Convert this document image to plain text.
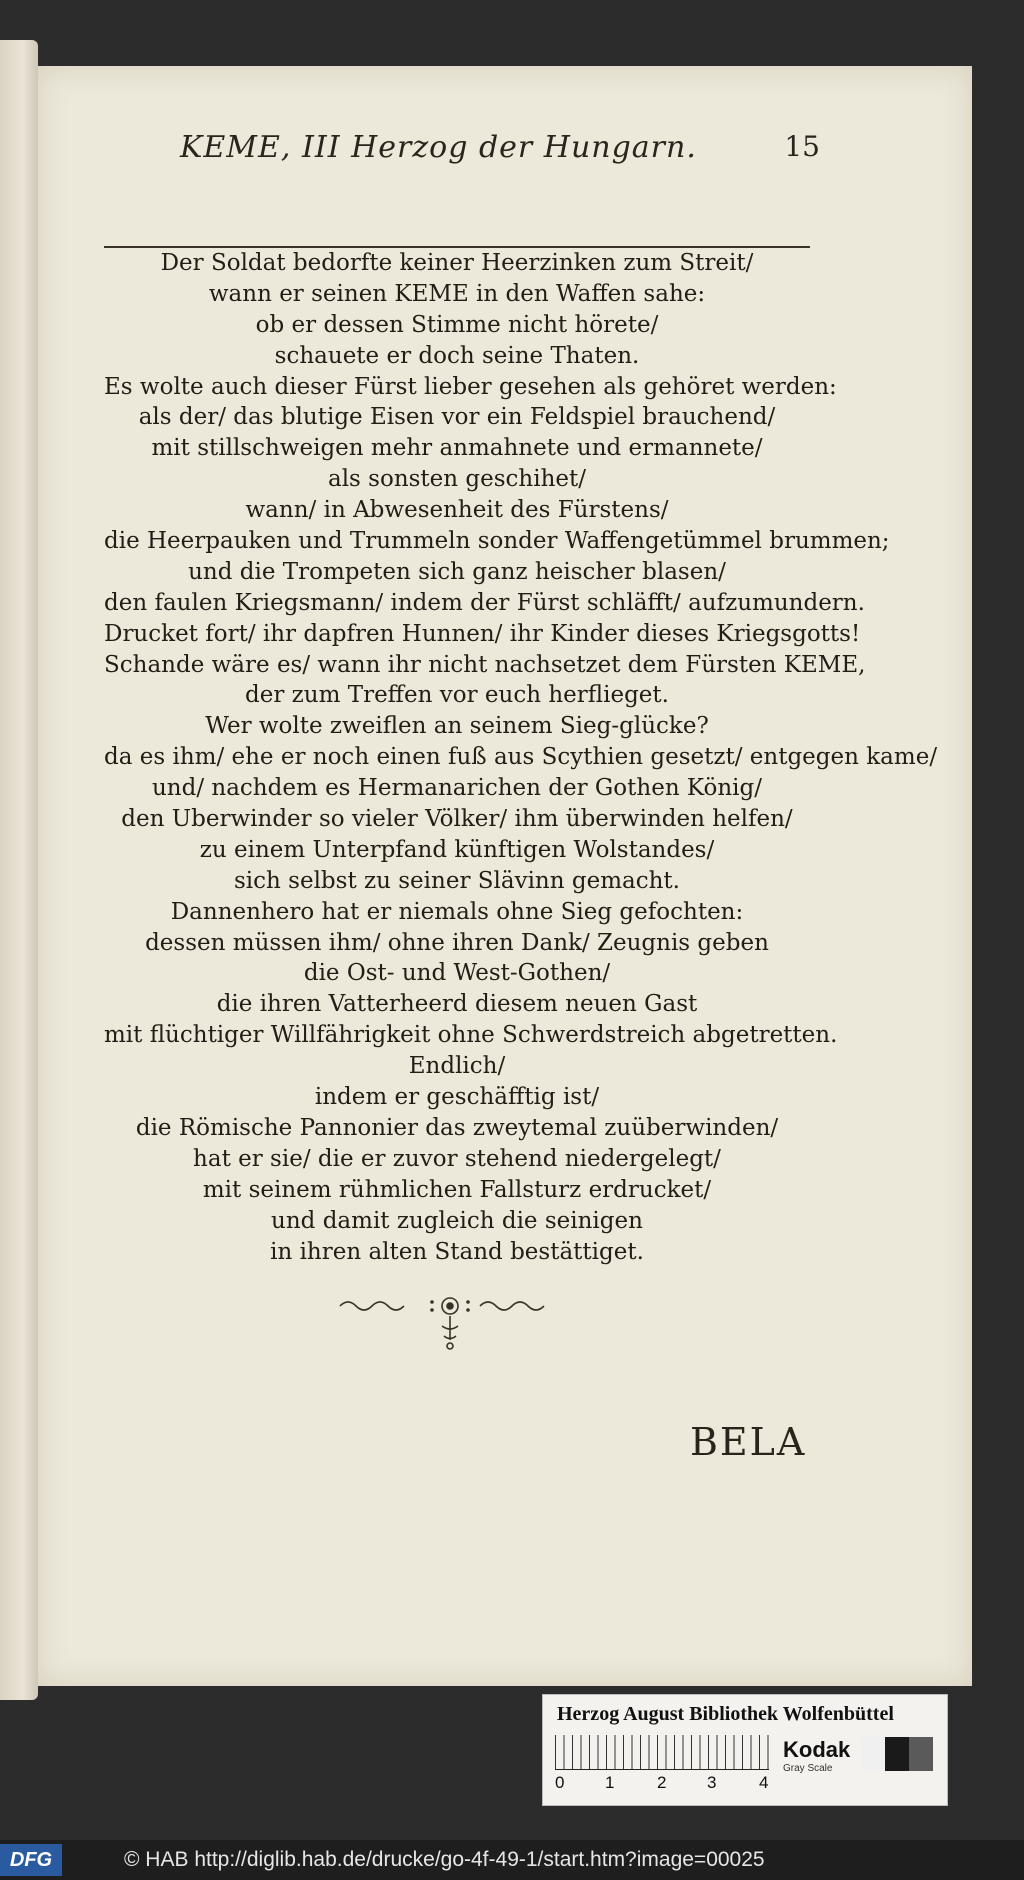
KEME, III Herzog der Hungarn.	15
Der Soldat bedorfte keiner Heerzinken zum Streit/
wann er seinen KEME in den Waffen sahe:
ob er dessen Stimme nicht hörete/
schauete er doch seine Thaten.
Es wolte auch dieser Fürst lieber gesehen als gehöret werden:
als der/ das blutige Eisen vor ein Feldspiel brauchend/
mit stillschweigen mehr anmahnete und ermannete/
als sonsten geschihet/
wann/ in Abwesenheit des Fürstens/
die Heerpauken und Trummeln sonder Waffengetümmel brummen;
und die Trompeten sich ganz heischer blasen/
den faulen Kriegsmann/ indem der Fürst schläfft/ aufzumundern.
Drucket fort/ ihr dapfren Hunnen/ ihr Kinder dieses Kriegsgotts!
Schande wäre es/ wann ihr nicht nachsetzet dem Fürsten KEME,
der zum Treffen vor euch herflieget.
Wer wolte zweiflen an seinem Sieg-glücke?
da es ihm/ ehe er noch einen fuß aus Scythien gesetzt/ entgegen kame/
und/ nachdem es Hermanarichen der Gothen König/
den Uberwinder so vieler Völker/ ihm überwinden helfen/
zu einem Unterpfand künftigen Wolstandes/
sich selbst zu seiner Slävinn gemacht.
Dannenhero hat er niemals ohne Sieg gefochten:
dessen müssen ihm/ ohne ihren Dank/ Zeugnis geben
die Ost- und West-Gothen/
die ihren Vatterheerd diesem neuen Gast
mit flüchtiger Willfährigkeit ohne Schwerdstreich abgetretten.
Endlich/
indem er geschäfftig ist/
die Römische Pannonier das zweytemal zuüberwinden/
hat er sie/ die er zuvor stehend niedergelegt/
mit seinem rühmlichen Fallsturz erdrucket/
und damit zugleich die seinigen
in ihren alten Stand bestättiget.
BELA
Herzog August Bibliothek Wolfenbüttel
0 1	2 3	4
Kodak
Gray Scale
DFG	© HAB http://diglib.hab.de/drucke/go-4f-49-1/start.htm?image=00025
